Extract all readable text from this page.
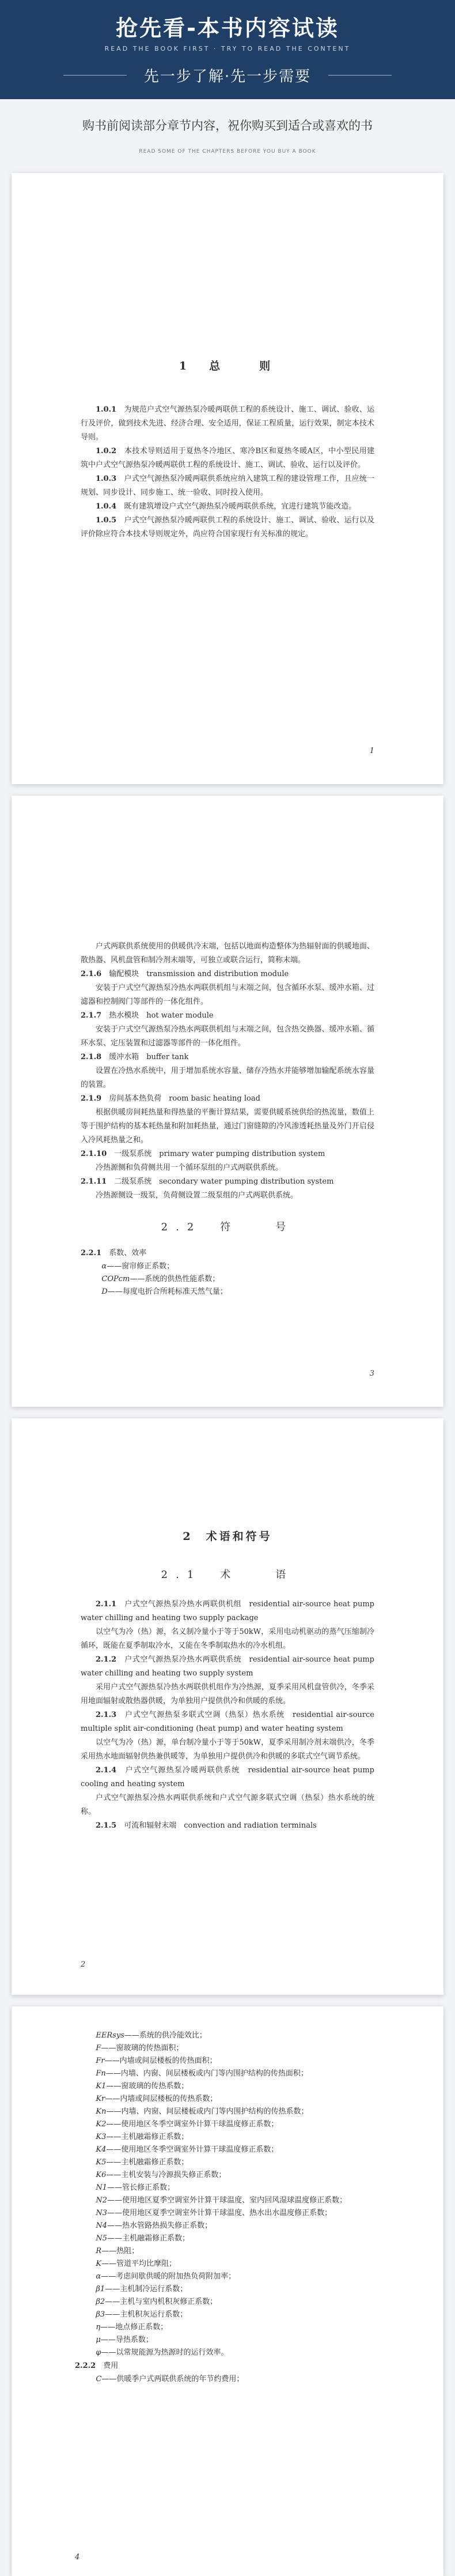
抢先看-本书内容试读
READ THE BOOK FIRST · TRY TO READ THE CONTENT
先一步了解·先一步需要
购书前阅读部分章节内容，祝你购买到适合或喜欢的书
READ SOME OF THE CHAPTERS BEFORE YOU BUY A BOOK
1　总　　则

1.0.1　 为规范户式空气源热泵冷暖两联供工程的系统设计、施工、调试、验收、运行及评价，做到技术先进、经济合理、安全适用，保证工程质量，运行效果，制定本技术导则。

1.0.2　 本技术导则适用于夏热冬冷地区、寒冷B区和夏热冬暖A区，中小型民用建筑中户式空气源热泵冷暖两联供工程的系统设计、施工、调试、验收、运行以及评价。

1.0.3　 户式空气源热泵冷暖两联供系统应纳入建筑工程的建设管理工作，且应统一规划、同步设计、同步施工、统一验收、同时投入使用。

1.0.4　 既有建筑增设户式空气源热泵冷暖两联供系统，宜进行建筑节能改造。

1.0.5　 户式空气源热泵冷暖两联供工程的系统设计、施工、调试、验收、运行以及评价除应符合本技术导则规定外，尚应符合国家现行有关标准的规定。

1

户式两联供系统使用的供暖供冷末端，包括以地面构造整体为热辐射面的供暖地面、散热器、风机盘管和制冷剂末端等，可独立或联合运行，简称末端。

2.1.6　 输配模块　transmission and distribution module

安装于户式空气源热泵冷热水两联供机组与末端之间，包含循环水泵、缓冲水箱、过滤器和控制阀门等部件的一体化组件。

2.1.7　 热水模块　hot water module

安装于户式空气源热泵冷热水两联供机组与末端之间，包含热交换器、缓冲水箱、循环水泵、定压装置和过滤器等部件的一体化组件。

2.1.8　 缓冲水箱　buffer tank

设置在冷热水系统中，用于增加系统水容量、储存冷热水并能够增加输配系统水容量的装置。

2.1.9　 房间基本热负荷　room basic heating load

根据供暖房间耗热量和得热量的平衡计算结果，需要供暖系统供给的热流量，数值上等于围护结构的基本耗热量和附加耗热量，通过门窗缝隙的冷风渗透耗热量及外门开启侵入冷风耗热量之和。

2.1.10　 一级泵系统　primary water pumping distribution system

冷热源侧和负荷侧共用一个循环泵组的户式两联供系统。

2.1.11　 二级泵系统　secondary water pumping distribution system

冷热源侧设一级泵，负荷侧设置二级泵组的户式两联供系统。

2.2　符　　号

2.2.1　 系数、效率

α——窗帘修正系数；

COPcm——系统的供热性能系数；

D——每度电折合所耗标准天然气量；

3
2　术语和符号
2.1　术　　语

2.1.1　 户式空气源热泵冷热水两联供机组　residential air-source heat pump water chilling and heating two supply package

以空气为冷（热）源，名义制冷量小于等于50kW，采用电动机驱动的蒸气压缩制冷循环，既能在夏季制取冷水，又能在冬季制取热水的冷水机组。

2.1.2　 户式空气源热泵冷热水两联供系统　residential air-source heat pump water chilling and heating two supply system

采用户式空气源热泵冷热水两联供机组作为冷热源，夏季采用风机盘管供冷，冬季采用地面辐射或散热器供暖，为单独用户提供供冷和供暖的系统。

2.1.3　 户式空气源热泵多联式空调（热泵）热水系统　residential air-source multiple split air-conditioning (heat pump) and water heating system

以空气为冷（热）源，单台制冷量小于等于50kW，夏季采用制冷剂末端供冷，冬季采用热水地面辐射供热兼供暖等，为单独用户提供供冷和供暖的多联式空气调节系统。

2.1.4　 户式空气源热泵冷暖两联供系统　residential air-source heat pump cooling and heating system

户式空气源热泵冷热水两联供系统和户式空气源多联式空调（热泵）热水系统的统称。

2.1.5　 可流和辐射末端　convection and radiation terminals

2

EERsys——系统的供冷能效比；

F——窗玻璃的传热面积；

Fr——内墙或间层楼板的传热面积；

Fn——内墙、内窗、间层楼板或内门等内围护结构的传热面积；

K1——窗玻璃的传热系数；

Kr——内墙或间层楼板的传热系数；

Kn——内墙、内窗、间层楼板或内门等内围护结构的传热系数；

K2——使用地区冬季空调室外计算干球温度修正系数；

K3——主机融霜修正系数；

K4——使用地区冬季空调室外计算干球温度修正系数；

K5——主机融霜修正系数；

K6——主机安装与冷源损失修正系数；

N1——管长修正系数；

N2——使用地区夏季空调室外计算干球温度、室内回风湿球温度修正系数；

N3——使用地区夏季空调室外计算干球温度、热水出水温度修正系数；

N4——热水管路热损失修正系数；

N5——主机融霜修正系数；

R——热阻；

K——管道平均比摩阻；

α——考虑间歇供暖的附加热负荷附加率；

β1——主机制冷运行系数；

β2——主机与室内机积灰修正系数；

β3——主机积灰运行系数；

η——地点修正系数；

μ——导热系数；

φ——以常规能源为热源时的运行效率。

2.2.2　 费用

C——供暖季户式两联供系统的年节约费用；

4
